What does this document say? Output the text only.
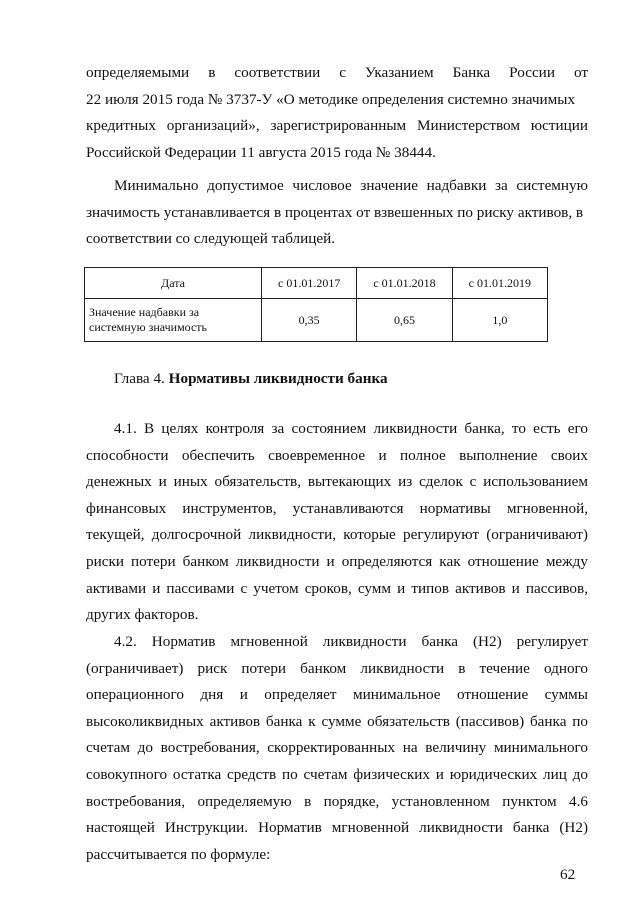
определяемыми в соответствии с Указанием Банка России от
22 июля 2015 года № 3737-У «О методике определения системно значимых
кредитных организаций», зарегистрированным Министерством юстиции
Российской Федерации 11 августа 2015 года № 38444.
Минимально допустимое числовое значение надбавки за системную
значимость устанавливается в процентах от взвешенных по риску активов, в
соответствии со следующей таблицей.
Дата	с 01.01.2017	с 01.01.2018	с 01.01.2019
Значение надбавки за системную значимость	0,35	0,65	1,0
Глава 4. Нормативы ликвидности банка
4.1. В целях контроля за состоянием ликвидности банка, то есть его
способности обеспечить своевременное и полное выполнение своих
денежных и иных обязательств, вытекающих из сделок с использованием
финансовых инструментов, устанавливаются нормативы мгновенной,
текущей, долгосрочной ликвидности, которые регулируют (ограничивают)
риски потери банком ликвидности и определяются как отношение между
активами и пассивами с учетом сроков, сумм и типов активов и пассивов,
других факторов.
4.2. Норматив мгновенной ликвидности банка (Н2) регулирует
(ограничивает) риск потери банком ликвидности в течение одного
операционного дня и определяет минимальное отношение суммы
высоколиквидных активов банка к сумме обязательств (пассивов) банка по
счетам до востребования, скорректированных на величину минимального
совокупного остатка средств по счетам физических и юридических лиц до
востребования, определяемую в порядке, установленном пунктом 4.6
настоящей Инструкции. Норматив мгновенной ликвидности банка (Н2)
рассчитывается по формуле:
62
